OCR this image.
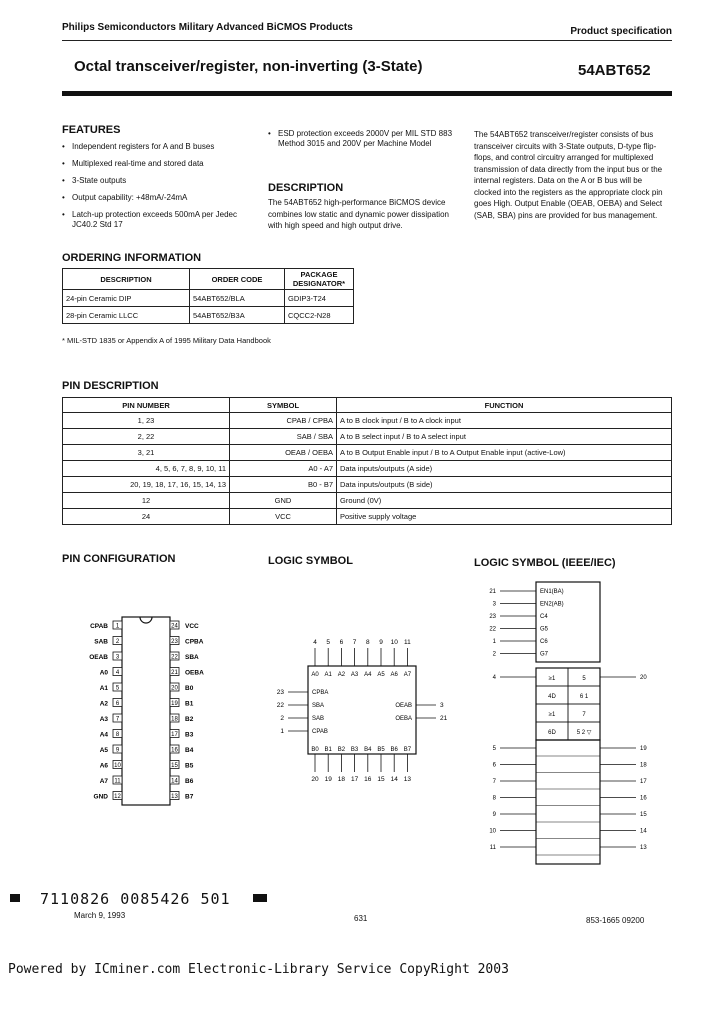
Philips Semiconductors Military Advanced BiCMOS Products	Product specification
Octal transceiver/register, non-inverting (3-State)	54ABT652
FEATURES
• Independent registers for A and B buses
• Multiplexed real-time and stored data
• 3-State outputs
• Output capability: +48mA/-24mA
• Latch-up protection exceeds 500mA per Jedec JC40.2 Std 17
• ESD protection exceeds 2000V per MIL STD 883 Method 3015 and 200V per Machine Model
DESCRIPTION
The 54ABT652 high-performance BiCMOS device combines low static and dynamic power dissipation with high speed and high output drive.
The 54ABT652 transceiver/register consists of bus transceiver circuits with 3-State outputs, D-type flip-flops, and control circuitry arranged for multiplexed transmission of data directly from the input bus or the internal registers. Data on the A or B bus will be clocked into the registers as the appropriate clock pin goes High. Output Enable (OEAB, OEBA) and Select (SAB, SBA) pins are provided for bus management.
ORDERING INFORMATION
DESCRIPTION	ORDER CODE	PACKAGE DESIGNATOR*
24-pin Ceramic DIP	54ABT652/BLA	GDIP3-T24
28-pin Ceramic LLCC	54ABT652/B3A	CQCC2-N28
* MIL-STD 1835 or Appendix A of 1995 Military Data Handbook
PIN DESCRIPTION
PIN NUMBER	SYMBOL	FUNCTION
1, 23	CPAB / CPBA	A to B clock input / B to A clock input
2, 22	SAB / SBA	A to B select input / B to A select input
3, 21	OEAB / OEBA	A to B Output Enable input / B to A Output Enable input (active-Low)
4, 5, 6, 7, 8, 9, 10, 11	A0 - A7	Data inputs/outputs (A side)
20, 19, 18, 17, 16, 15, 14, 13	B0 - B7	Data inputs/outputs (B side)
12	GND	Ground (0V)
24	VCC	Positive supply voltage
PIN CONFIGURATION	LOGIC SYMBOL	LOGIC SYMBOL (IEEE/IEC)
CPAB 1
SAB 2
OEAB 3
A0 4
A1 5
A2 6
A3 7
A4 8
A5 9
A6 10
A7 11
GND 12
24 VCC
23 CPBA
22 SBA
21 OEBA
20 B0
19 B1
18 B2
17 B3
16 B4
15 B5
14 B6
13 B7
4
A0
B0
20
5
A1
B1
19
6
A2
B2
18
7
A3
B3
17
8
A4
B4
16
9
A5
B5
15
10
A6
B6
14
11
A7
B7
13
23	CPBA
22	SBA
2	SAB
1	CPAB
OEAB	3
OEBA	21
21	EN1(BA)
3	EN2(AB)
23	C4
22	G5
1	C6
2	G7
≥1	5
4D	6 1
≥1	7
6D	5 2 ▽
4
5
6
7
8
9
10
11
20
19
18
17
16
15
14
13
7110826 0085426 501
March 9, 1993	631	853-1665 09200
Powered by ICminer.com Electronic-Library Service CopyRight 2003
